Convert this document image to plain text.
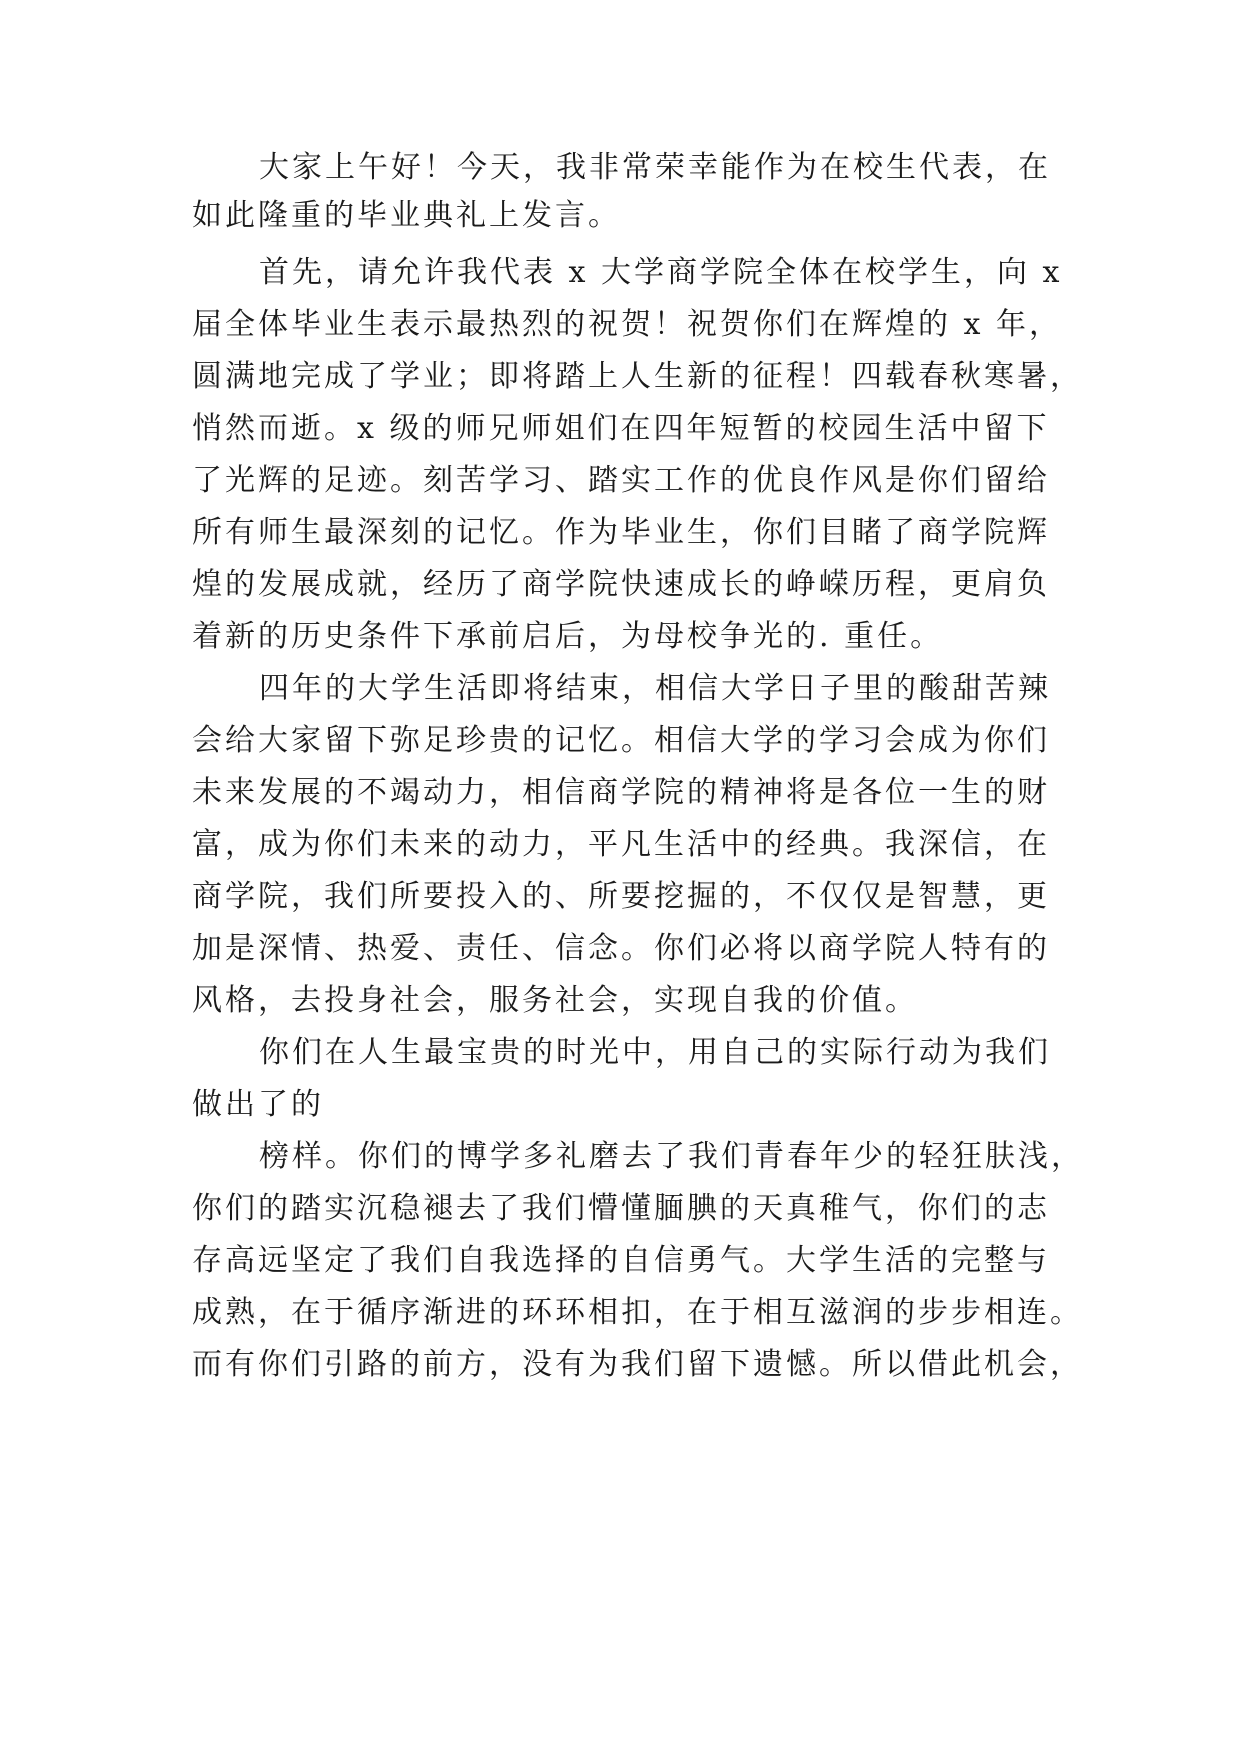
大家上午好！今天，我非常荣幸能作为在校生代表，在
如此隆重的毕业典礼上发言。
首先，请允许我代表 x 大学商学院全体在校学生，向 x
届全体毕业生表示最热烈的祝贺！祝贺你们在辉煌的 x 年，
圆满地完成了学业；即将踏上人生新的征程！四载春秋寒暑，
悄然而逝。x 级的师兄师姐们在四年短暂的校园生活中留下
了光辉的足迹。刻苦学习、踏实工作的优良作风是你们留给
所有师生最深刻的记忆。作为毕业生，你们目睹了商学院辉
煌的发展成就，经历了商学院快速成长的峥嵘历程，更肩负
着新的历史条件下承前启后，为母校争光的. 重任。
四年的大学生活即将结束，相信大学日子里的酸甜苦辣
会给大家留下弥足珍贵的记忆。相信大学的学习会成为你们
未来发展的不竭动力，相信商学院的精神将是各位一生的财
富，成为你们未来的动力，平凡生活中的经典。我深信，在
商学院，我们所要投入的、所要挖掘的，不仅仅是智慧，更
加是深情、热爱、责任、信念。你们必将以商学院人特有的
风格，去投身社会，服务社会，实现自我的价值。
你们在人生最宝贵的时光中，用自己的实际行动为我们
做出了的
榜样。你们的博学多礼磨去了我们青春年少的轻狂肤浅，
你们的踏实沉稳褪去了我们懵懂腼腆的天真稚气，你们的志
存高远坚定了我们自我选择的自信勇气。大学生活的完整与
成熟，在于循序渐进的环环相扣，在于相互滋润的步步相连。
而有你们引路的前方，没有为我们留下遗憾。所以借此机会，
